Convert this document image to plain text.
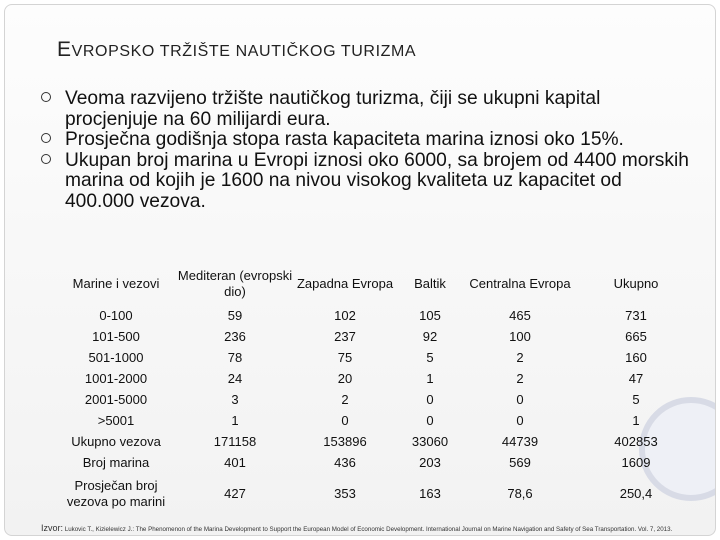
EVROPSKO TRŽIŠTE NAUTIČKOG TURIZMA
Veoma razvijeno tržište nautičkog turizma, čiji se ukupni kapital procjenjuje na 60 milijardi eura.
Prosječna godišnja stopa rasta kapaciteta marina iznosi oko 15%.
Ukupan broj marina u Evropi iznosi oko 6000, sa brojem od 4400 morskih marina od kojih je 1600 na nivou visokog kvaliteta uz kapacitet od 400.000 vezova.
Marine i vezovi	Mediteran (evropski dio)	Zapadna Evropa	Baltik	Centralna Evropa	Ukupno
0-100	59	102	105	465	731
101-500	236	237	92	100	665
501-1000	78	75	5	2	160
1001-2000	24	20	1	2	47
2001-5000	3	2	0	0	5
>5001	1	0	0	0	1
Ukupno vezova	171158	153896	33060	44739	402853
Broj marina	401	436	203	569	1609
Prosječan broj vezova po marini	427	353	163	78,6	250,4
Izvor: Lukovic T., Kizielewicz J.: The Phenomenon of the Marina Development to Support the European Model of Economic Development. International Journal on Marine Navigation and Safety of Sea Transportation. Vol. 7, 2013.
